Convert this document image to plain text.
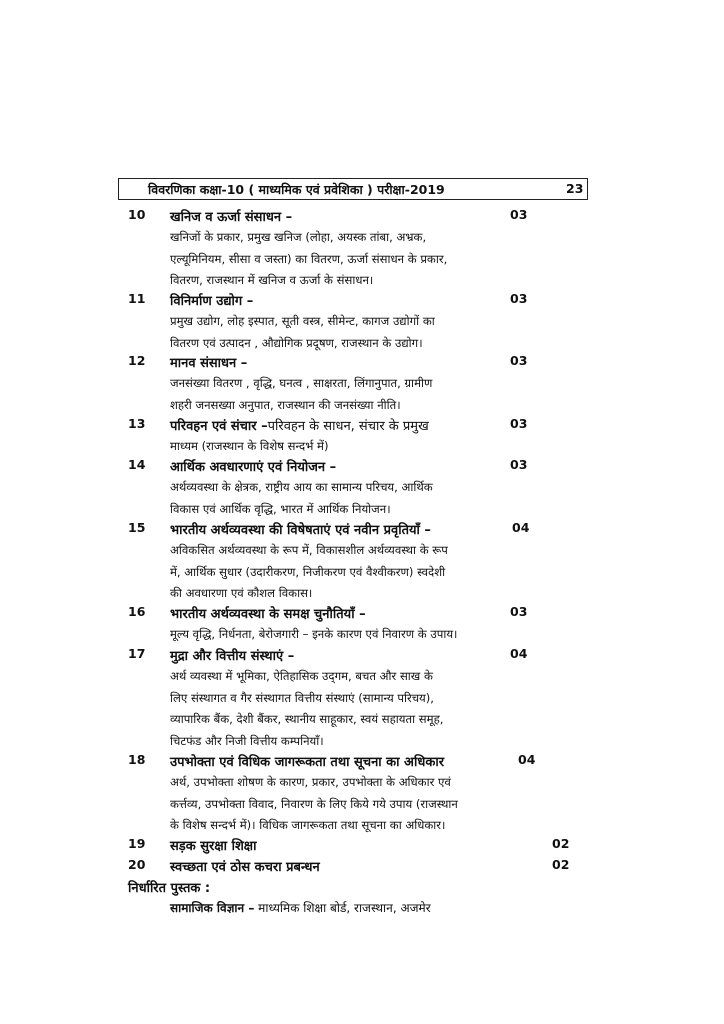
विवरणिका कक्षा-10 ( माध्यमिक एवं प्रवेशिका ) परीक्षा-2019	23
10 खनिज व ऊर्जा संसाधन –	03
खनिजों के प्रकार, प्रमुख खनिज (लोहा, अयस्क तांबा, अभ्रक,
एल्यूमिनियम, सीसा व जस्ता) का वितरण, ऊर्जा संसाधन के प्रकार,
वितरण, राजस्थान में खनिज व ऊर्जा के संसाधन।
11 विनिर्माण उद्योग –	03
प्रमुख उद्योग, लोह इस्पात, सूती वस्त्र, सीमेन्ट, कागज उद्योगों का
वितरण एवं उत्पादन , औद्योगिक प्रदूषण, राजस्थान के उद्योग।
12 मानव संसाधन –	03
जनसंख्या वितरण , वृद्धि, घनत्व , साक्षरता, लिंगानुपात, ग्रामीण
शहरी जनसख्या अनुपात, राजस्थान की जनसंख्या नीति।
13 परिवहन एवं संचार –परिवहन के साधन, संचार के प्रमुख	03
माध्यम (राजस्थान के विशेष सन्दर्भ में)
14 आर्थिक अवधारणाएं एवं नियोजन –	03
अर्थव्यवस्था के क्षेत्रक, राष्ट्रीय आय का सामान्य परिचय, आर्थिक
विकास एवं आर्थिक वृद्धि, भारत में आर्थिक नियोजन।
15 भारतीय अर्थव्यवस्था की विषेषताएं एवं नवीन प्रवृतियाँ –	04
अविकसित अर्थव्यवस्था के रूप में, विकासशील अर्थव्यवस्था के रूप
में, आर्थिक सुधार (उदारीकरण, निजीकरण एवं वैश्वीकरण) स्वदेशी
की अवधारणा एवं कौशल विकास।
16 भारतीय अर्थव्यवस्था के समक्ष चुनौतियाँ –	03
मूल्य वृद्धि, निर्धनता, बेरोजगारी – इनके कारण एवं निवारण के उपाय।
17 मुद्रा और वित्तीय संस्थाएं –	04
अर्थ व्यवस्था में भूमिका, ऐतिहासिक उद्‌गम, बचत और साख के
लिए संस्थागत व गैर संस्थागत वित्तीय संस्थाएं (सामान्य परिचय),
व्यापारिक बैंक, देशी बैंकर, स्थानीय साहूकार, स्वयं सहायता समूह,
चिटफंड और निजी वित्तीय कम्पनियाँ।
18 उपभोक्ता एवं विधिक जागरूकता तथा सूचना का अधिकार	04
अर्थ, उपभोक्ता शोषण के कारण, प्रकार, उपभोक्ता के अधिकार एवं
कर्त्तव्य, उपभोक्ता विवाद, निवारण के लिए किये गये उपाय (राजस्थान
के विशेष सन्दर्भ में)। विधिक जागरूकता तथा सूचना का अधिकार।
19 सड़क सुरक्षा शिक्षा	02
20 स्वच्छता एवं ठोस कचरा प्रबन्धन	02
निर्धारित पुस्तक :
सामाजिक विज्ञान – माध्यमिक शिक्षा बोर्ड, राजस्थान, अजमेर
